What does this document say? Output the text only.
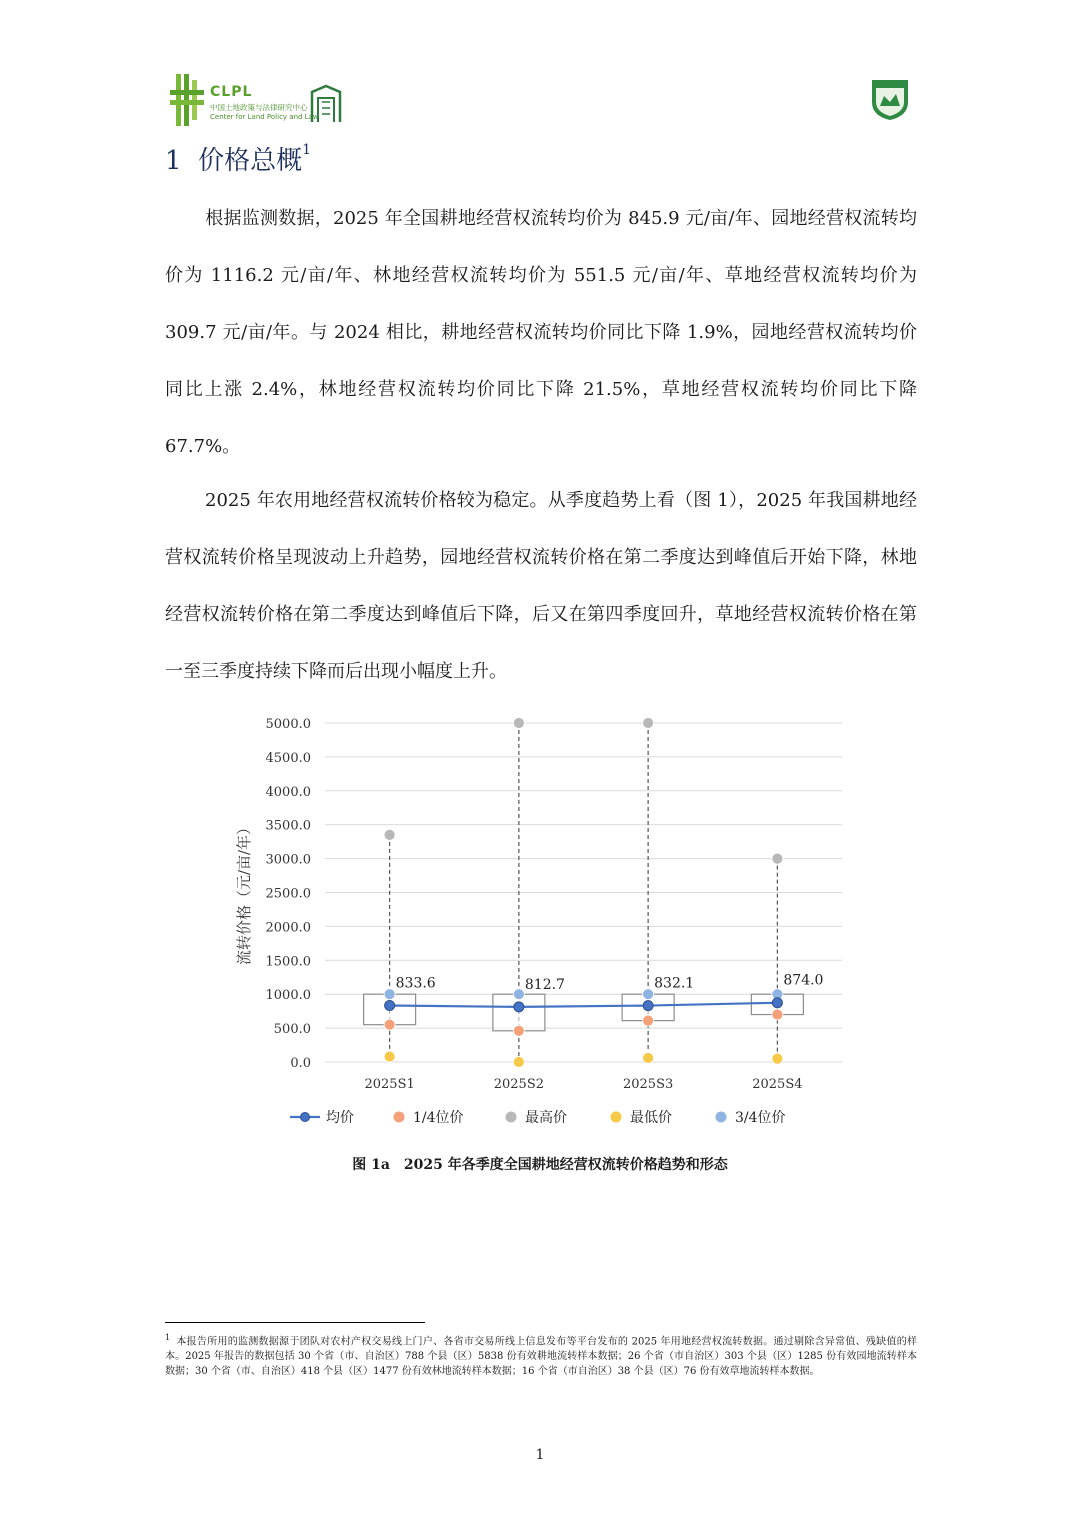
CLPL
中国土地政策与法律研究中心
Center for Land Policy and Law
1 价格总概$^1$

根据监测数据，2025 年全国耕地经营权流转均价为 845.9 元/亩/年、园地经营权流转均价为 1116.2 元/亩/年、林地经营权流转均价为 551.5 元/亩/年、草地经营权流转均价为 309.7 元/亩/年。与 2024 相比，耕地经营权流转均价同比下降 1.9%，园地经营权流转均价同比上涨 2.4%，林地经营权流转均价同比下降 21.5%，草地经营权流转均价同比下降 67.7%。

2025 年农用地经营权流转价格较为稳定。从季度趋势上看（图 1），2025 年我国耕地经营权流转价格呈现波动上升趋势，园地经营权流转价格在第二季度达到峰值后开始下降，林地经营权流转价格在第二季度达到峰值后下降，后又在第四季度回升，草地经营权流转价格在第一至三季度持续下降而后出现小幅度上升。

0.0
500.0
1000.0
1500.0
2000.0
2500.0
3000.0
3500.0
4000.0
4500.0
5000.0
流转价格（元/亩/年）
2025S1	2025S2	2025S3	2025S4
833.6	812.7	832.1	874.0
均价	1/4位价	最高价	最低价	3/4位价
图 1a　2025 年各季度全国耕地经营权流转价格趋势和形态
$^1$ 本报告所用的监测数据源于团队对农村产权交易线上门户、各省市交易所线上信息发布等平台发布的 2025 年用地经营权流转数据。通过剔除含异常值、残缺值的样本。2025 年报告的数据包括 30 个省（市、自治区）788 个县（区）5838 份有效耕地流转样本数据；26 个省（市自治区）303 个县（区）1285 份有效园地流转样本数据；30 个省（市、自治区）418 个县（区）1477 份有效林地流转样本数据；16 个省（市自治区）38 个县（区）76 份有效草地流转样本数据。
1
